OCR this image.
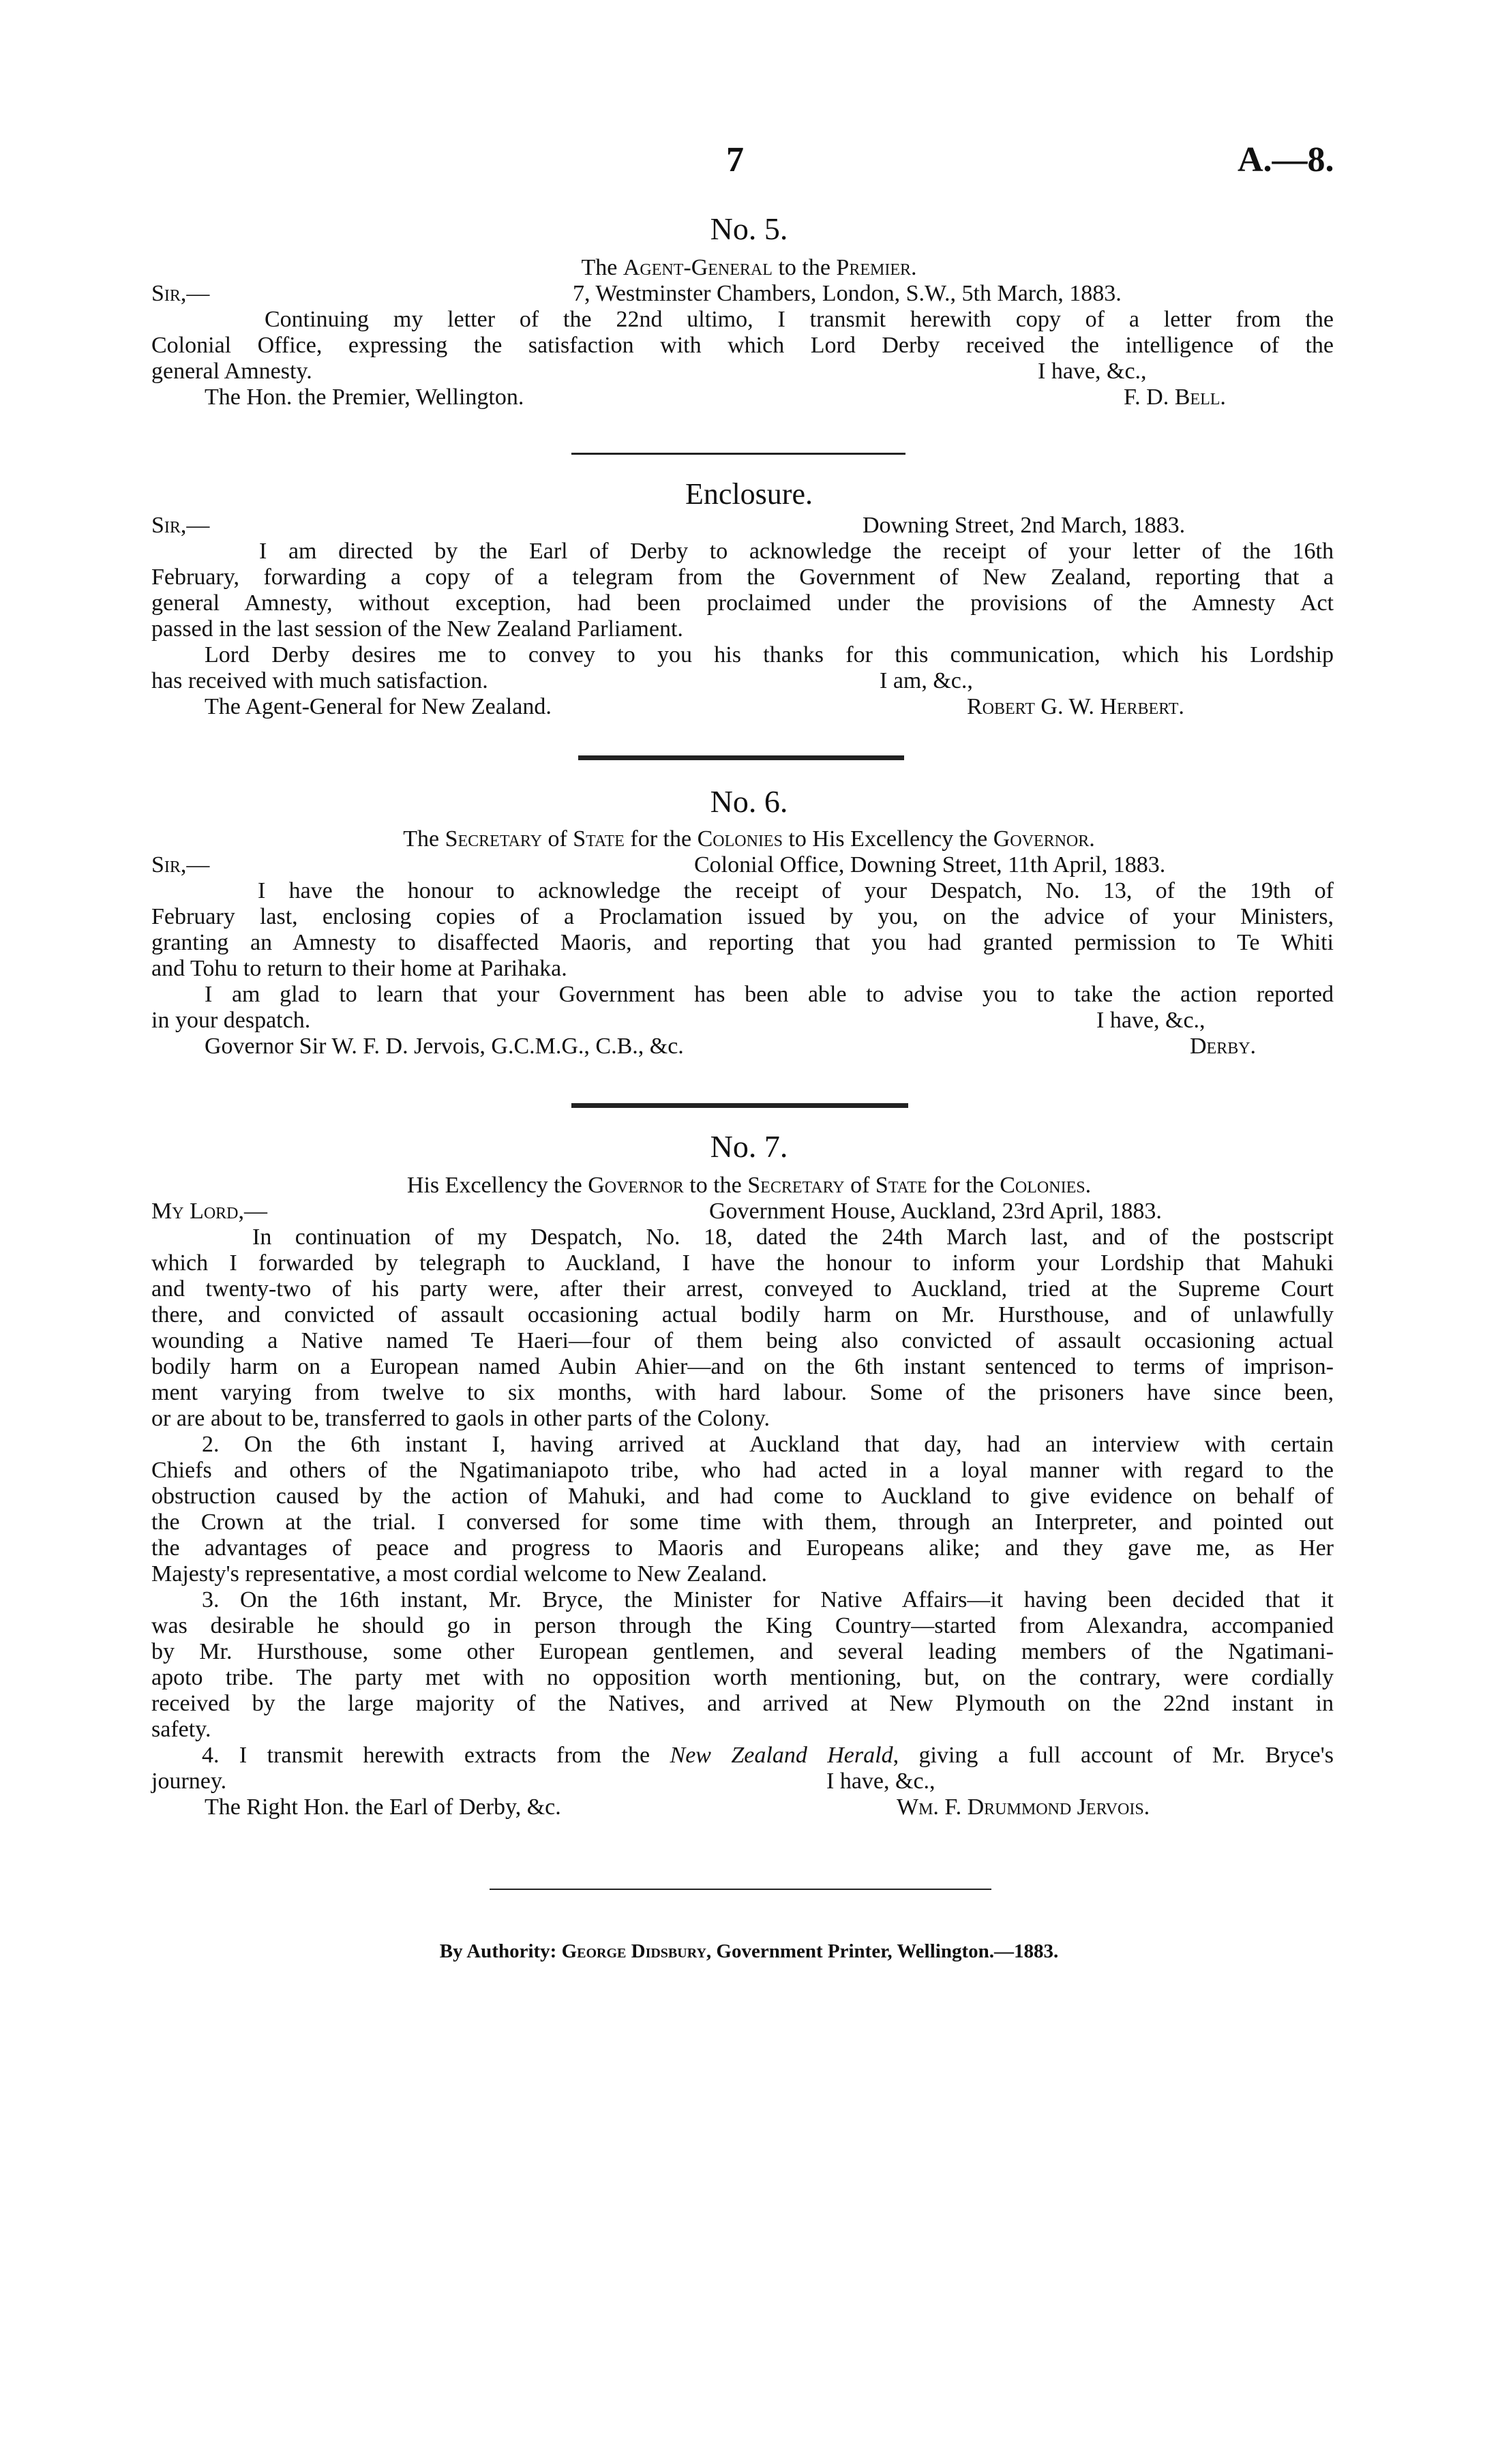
7	A.—8.
No. 5.
The Agent-General to the Premier.
Sir,—	7, Westminster Chambers, London, S.W., 5th March, 1883.
Continuing my letter of the 22nd ultimo, I transmit herewith copy of a letter from the
Colonial Office, expressing the satisfaction with which Lord Derby received the intelligence of the
general Amnesty.	I have, &c.,
The Hon. the Premier, Wellington.	F. D. Bell.
Enclosure.
Sir,—	Downing Street, 2nd March, 1883.
I am directed by the Earl of Derby to acknowledge the receipt of your letter of the 16th
February, forwarding a copy of a telegram from the Government of New Zealand, reporting that a
general Amnesty, without exception, had been proclaimed under the provisions of the Amnesty Act
passed in the last session of the New Zealand Parliament.
Lord Derby desires me to convey to you his thanks for this communication, which his Lordship
has received with much satisfaction.	I am, &c.,
The Agent-General for New Zealand.	Robert G. W. Herbert.
No. 6.
The Secretary of State for the Colonies to His Excellency the Governor.
Sir,—	Colonial Office, Downing Street, 11th April, 1883.
I have the honour to acknowledge the receipt of your Despatch, No. 13, of the 19th of
February last, enclosing copies of a Proclamation issued by you, on the advice of your Ministers,
granting an Amnesty to disaffected Maoris, and reporting that you had granted permission to Te Whiti
and Tohu to return to their home at Parihaka.
I am glad to learn that your Government has been able to advise you to take the action reported
in your despatch.	I have, &c.,
Governor Sir W. F. D. Jervois, G.C.M.G., C.B., &c.	Derby.
No. 7.
His Excellency the Governor to the Secretary of State for the Colonies.
My Lord,—	Government House, Auckland, 23rd April, 1883.
In continuation of my Despatch, No. 18, dated the 24th March last, and of the postscript
which I forwarded by telegraph to Auckland, I have the honour to inform your Lordship that Mahuki
and twenty-two of his party were, after their arrest, conveyed to Auckland, tried at the Supreme Court
there, and convicted of assault occasioning actual bodily harm on Mr. Hursthouse, and of unlawfully
wounding a Native named Te Haeri—four of them being also convicted of assault occasioning actual
bodily harm on a European named Aubin Ahier—and on the 6th instant sentenced to terms of imprison-
ment varying from twelve to six months, with hard labour. Some of the prisoners have since been,
or are about to be, transferred to gaols in other parts of the Colony.
2. On the 6th instant I, having arrived at Auckland that day, had an interview with certain
Chiefs and others of the Ngatimaniapoto tribe, who had acted in a loyal manner with regard to the
obstruction caused by the action of Mahuki, and had come to Auckland to give evidence on behalf of
the Crown at the trial. I conversed for some time with them, through an Interpreter, and pointed out
the advantages of peace and progress to Maoris and Europeans alike; and they gave me, as Her
Majesty's representative, a most cordial welcome to New Zealand.
3. On the 16th instant, Mr. Bryce, the Minister for Native Affairs—it having been decided that it
was desirable he should go in person through the King Country—started from Alexandra, accompanied
by Mr. Hursthouse, some other European gentlemen, and several leading members of the Ngatimani-
apoto tribe. The party met with no opposition worth mentioning, but, on the contrary, were cordially
received by the large majority of the Natives, and arrived at New Plymouth on the 22nd instant in
safety.
4. I transmit herewith extracts from the New Zealand Herald, giving a full account of Mr. Bryce's
journey.	I have, &c.,
The Right Hon. the Earl of Derby, &c.	Wm. F. Drummond Jervois.
By Authority: George Didsbury, Government Printer, Wellington.—1883.
